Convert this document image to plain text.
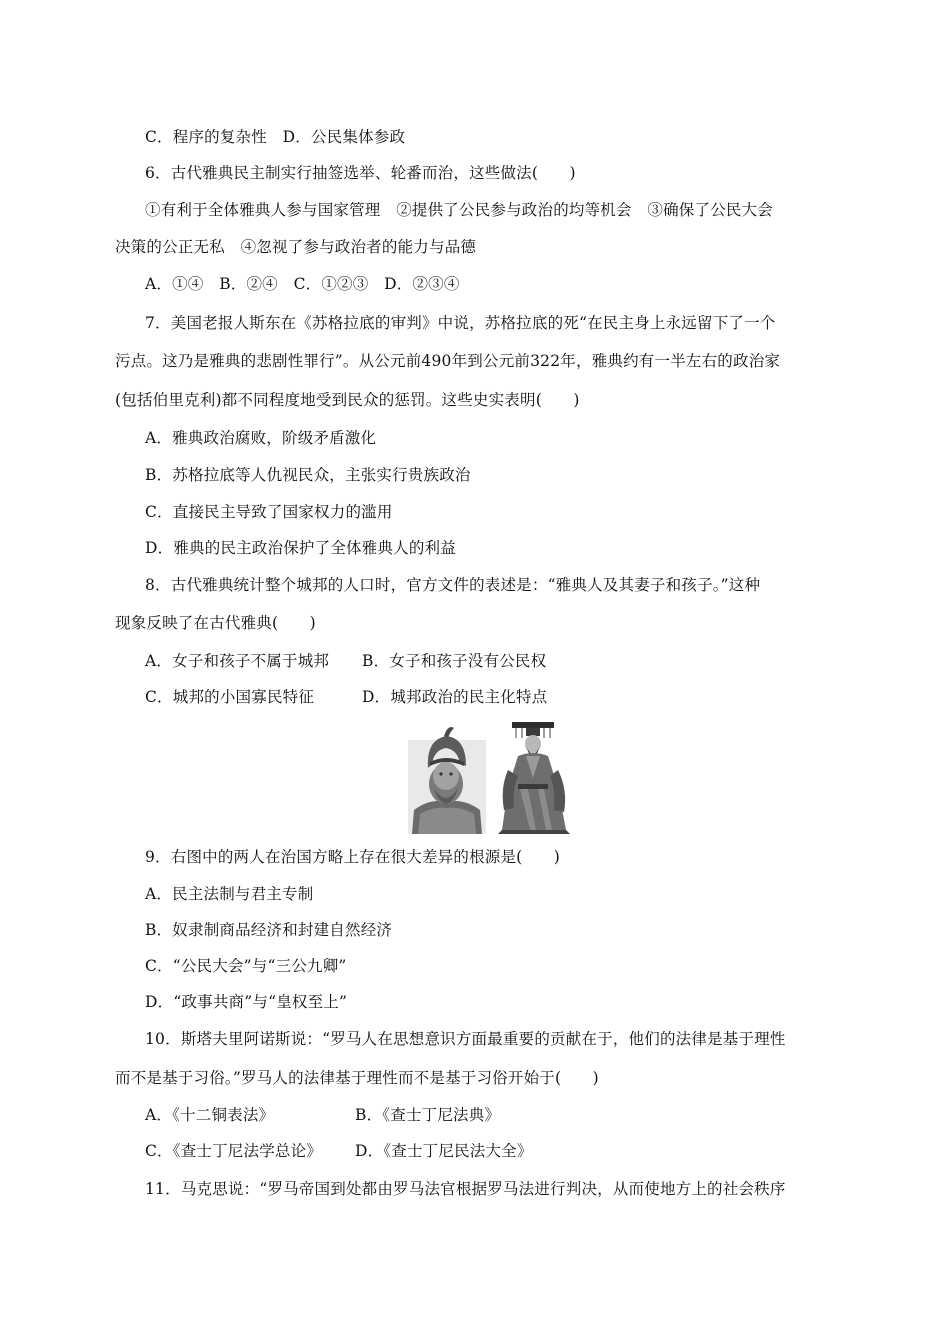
C．程序的复杂性　 D．公民集体参政
6．古代雅典民主制实行抽签选举、轮番而治，这些做法(　　)
①有利于全体雅典人参与国家管理　②提供了公民参与政治的均等机会　③确保了公民大会
决策的公正无私　④忽视了参与政治者的能力与品德
A．①④　B．②④　C．①②③　D．②③④
7．美国老报人斯东在《苏格拉底的审判》中说，苏格拉底的死“在民主身上永远留下了一个
污点。这乃是雅典的悲剧性罪行”。从公元前490年到公元前322年，雅典约有一半左右的政治家
(包括伯里克利)都不同程度地受到民众的惩罚。这些史实表明(　　)
A．雅典政治腐败，阶级矛盾激化
B．苏格拉底等人仇视民众，主张实行贵族政治
C．直接民主导致了国家权力的滥用
D．雅典的民主政治保护了全体雅典人的利益
8．古代雅典统计整个城邦的人口时，官方文件的表述是：“雅典人及其妻子和孩子。”这种
现象反映了在古代雅典(　　)
A．女子和孩子不属于城邦 B．女子和孩子没有公民权
C．城邦的小国寡民特征	D．城邦政治的民主化特点
9．右图中的两人在治国方略上存在很大差异的根源是(　　)
A．民主法制与君主专制
B．奴隶制商品经济和封建自然经济
C．“公民大会”与“三公九卿”
D．“政事共商”与“皇权至上”
10．斯塔夫里阿诺斯说：“罗马人在思想意识方面最重要的贡献在于，他们的法律是基于理性
而不是基于习俗。”罗马人的法律基于理性而不是基于习俗开始于(　　)
A．《十二铜表法》	B．《查士丁尼法典》
C．《查士丁尼法学总论》 D．《查士丁尼民法大全》
11．马克思说：“罗马帝国到处都由罗马法官根据罗马法进行判决，从而使地方上的社会秩序
